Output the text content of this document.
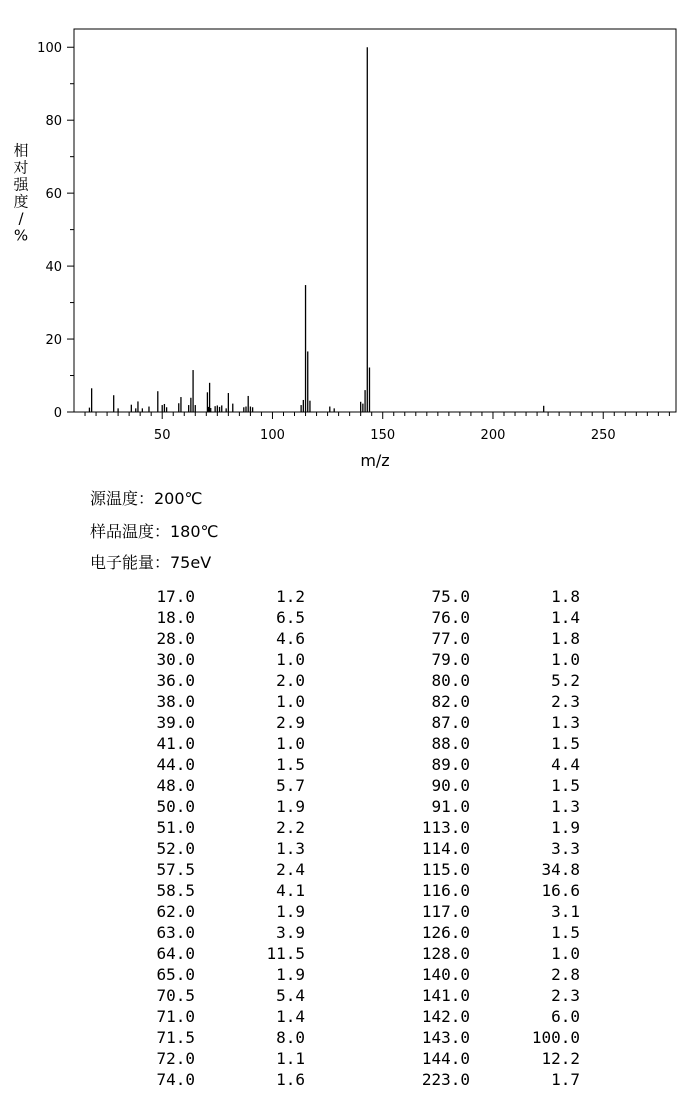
50	100	150	200	250
0
20
40
60
80
100
m/z
相对强度/ %
源温度：200℃
样品温度：180℃
电子能量：75eV
17.0	1.2	75.0	1.8
18.0	6.5	76.0	1.4
28.0	4.6	77.0	1.8
30.0	1.0	79.0	1.0
36.0	2.0	80.0	5.2
38.0	1.0	82.0	2.3
39.0	2.9	87.0	1.3
41.0	1.0	88.0	1.5
44.0	1.5	89.0	4.4
48.0	5.7	90.0	1.5
50.0	1.9	91.0	1.3
51.0	2.2	113.0	1.9
52.0	1.3	114.0	3.3
57.5	2.4	115.0	34.8
58.5	4.1	116.0	16.6
62.0	1.9	117.0	3.1
63.0	3.9	126.0	1.5
64.0	11.5	128.0	1.0
65.0	1.9	140.0	2.8
70.5	5.4	141.0	2.3
71.0	1.4	142.0	6.0
71.5	8.0	143.0	100.0
72.0	1.1	144.0	12.2
74.0	1.6	223.0	1.7
